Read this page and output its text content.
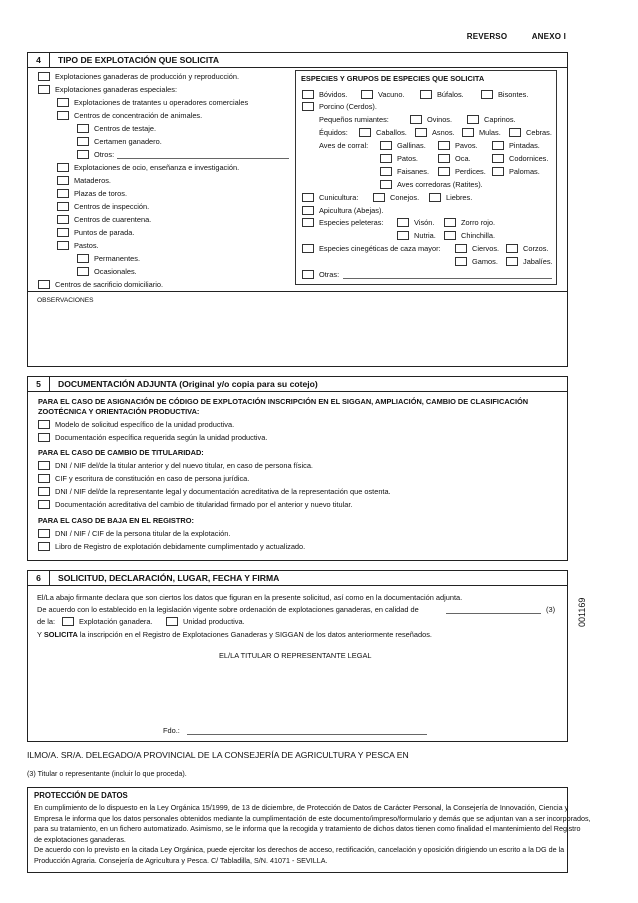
REVERSO	ANEXO I
4	TIPO DE EXPLOTACIÓN QUE SOLICITA
ESPECIES Y GRUPOS DE ESPECIES QUE SOLICITA
OBSERVACIONES
5	DOCUMENTACIÓN ADJUNTA (Original y/o copia para su cotejo)
6	SOLICITUD, DECLARACIÓN, LUGAR, FECHA Y FIRMA
El/La abajo firmante declara que son ciertos los datos que figuran en la presente solicitud, así como en la documentación adjunta.
De acuerdo con lo establecido en la legislación vigente sobre ordenación de explotaciones ganaderas, en calidad de	(3)
de la:	Explotación ganadera.	Unidad productiva.
Y SOLICITA la inscripción en el Registro de Explotaciones Ganaderas y SIGGAN de los datos anteriormente reseñados.
EL/LA TITULAR O REPRESENTANTE LEGAL
Fdo.:
001169
ILMO/A. SR/A. DELEGADO/A PROVINCIAL DE LA CONSEJERÍA DE AGRICULTURA Y PESCA EN
(3) Titular o representante (incluir lo que proceda).
PROTECCIÓN DE DATOS
Explotaciones ganaderas de producción y reproducción.
Explotaciones ganaderas especiales:
Explotaciones de tratantes u operadores comerciales
Centros de concentración de animales.
Centros de testaje.
Certamen ganadero.
Otros:
Explotaciones de ocio, enseñanza e investigación.
Mataderos.
Plazas de toros.
Centros de inspección.
Centros de cuarentena.
Puntos de parada.
Pastos.
Permanentes.
Ocasionales.
Centros de sacrificio domiciliario.
Bóvidos.	Vacuno.	Búfalos.	Bisontes.
Porcino (Cerdos).
Pequeños rumiantes:	Ovinos.	Caprinos.
Équidos:	Caballos.	Asnos.	Mulas.	Cebras.
Aves de corral:	Gallinas.	Pavos.	Pintadas.
Patos.	Oca.	Codornices.
Faisanes.	Perdices.	Palomas.
Aves corredoras (Ratites).
Cunicultura:	Conejos.	Liebres.
Apicultura (Abejas).
Especies peleteras:	Visón.	Zorro rojo.
Nutria.	Chinchilla.
Especies cinegéticas de caza mayor:	Ciervos.	Corzos.
Gamos.	Jabalíes.
Otras:
PARA EL CASO DE ASIGNACIÓN DE CÓDIGO DE EXPLOTACIÓN INSCRIPCIÓN EN EL SIGGAN, AMPLIACIÓN, CAMBIO DE CLASIFICACIÓN
ZOOTÉCNICA Y ORIENTACIÓN PRODUCTIVA:
Modelo de solicitud específico de la unidad productiva.
Documentación específica requerida según la unidad productiva.
PARA EL CASO DE CAMBIO DE TITULARIDAD:
DNI / NIF del/de la titular anterior y del nuevo titular, en caso de persona física.
CIF y escritura de constitución en caso de persona jurídica.
DNI / NIF del/de la representante legal y documentación acreditativa de la representación que ostenta.
Documentación acreditativa del cambio de titularidad firmado por el anterior y nuevo titular.
PARA EL CASO DE BAJA EN EL REGISTRO:
DNI / NIF / CIF de la persona titular de la explotación.
Libro de Registro de explotación debidamente cumplimentado y actualizado.
En cumplimiento de lo dispuesto en la Ley Orgánica 15/1999, de 13 de diciembre, de Protección de Datos de Carácter Personal, la Consejería de Innovación, Ciencia y
Empresa le informa que los datos personales obtenidos mediante la cumplimentación de este documento/impreso/formulario y demás que se adjuntan van a ser incorporados,
para su tratamiento, en un fichero automatizado. Asimismo, se le informa que la recogida y tratamiento de dichos datos tienen como finalidad el mantenimiento del Registro
de explotaciones ganaderas.
De acuerdo con lo previsto en la citada Ley Orgánica, puede ejercitar los derechos de acceso, rectificación, cancelación y oposición dirigiendo un escrito a la DG de la
Producción Agraria. Consejería de Agricultura y Pesca. C/ Tabladilla, S/N. 41071 - SEVILLA.
